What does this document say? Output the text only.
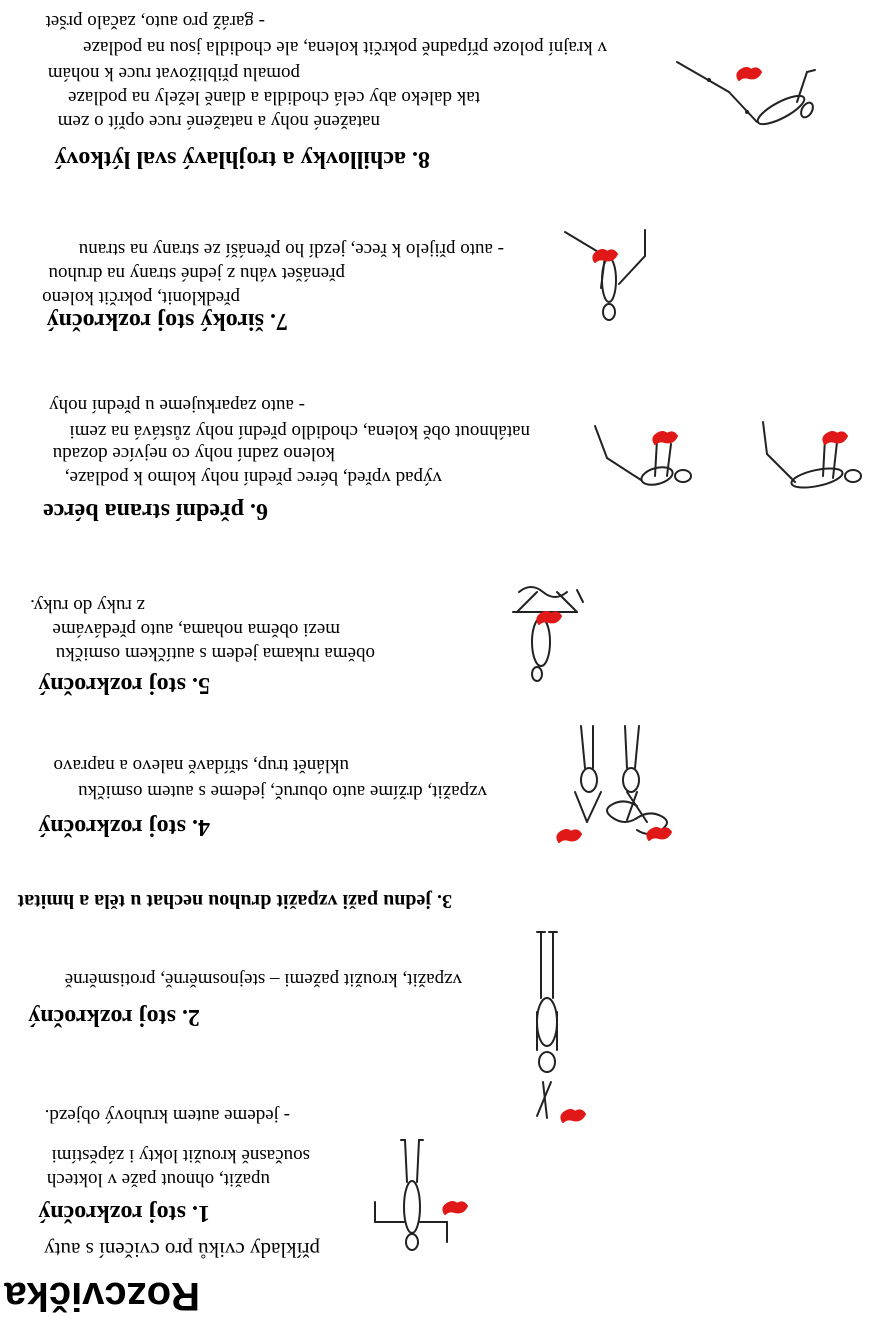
Rozcvička
příklady cviků pro cvičení s auty
1. stoj rozkročný
upažit, ohnout paže v loktech
současně kroužit lokty i zápěstími
- jedeme autem kruhový objezd.
2. stoj rozkročný
vzpažit, kroužit pažemi – stejnosměrně, protisměrně
3. jednu paži vzpažit druhou nechat u těla a hmitat
4. stoj rozkročný
vzpažit, držíme auto oburuč, jedeme s autem osmičku
uklánět trup, střídavě nalevo a napravo
5. stoj rozkročný
oběma rukama jedem s autíčkem osmičku
mezi oběma nohama, auto předáváme
z ruky do ruky.
6. přední strana bérce
výpad vpřed, bérec přední nohy kolmo k podlaze,
koleno zadní nohy co nejvíce dozadu
natáhnout obě kolena, chodidlo přední nohy zůstává na zemi
- auto zaparkujeme u přední nohy
7. široký stoj rozkročný
předklonit, pokrčit koleno
přenášet váhu z jedné strany na druhou
- auto přijelo k řece, jezdí ho přenáší ze strany na stranu
8. achillovky a trojhlavý sval lýtkový
natažené nohy a natažené ruce opřít o zem
tak daleko aby celá chodidla a dlaně ležely na podlaze
pomalu přibližovat ruce k nohám
v krajní poloze případně pokrčit kolena, ale chodidla jsou na podlaze
- garáž pro auto, začalo pršet
